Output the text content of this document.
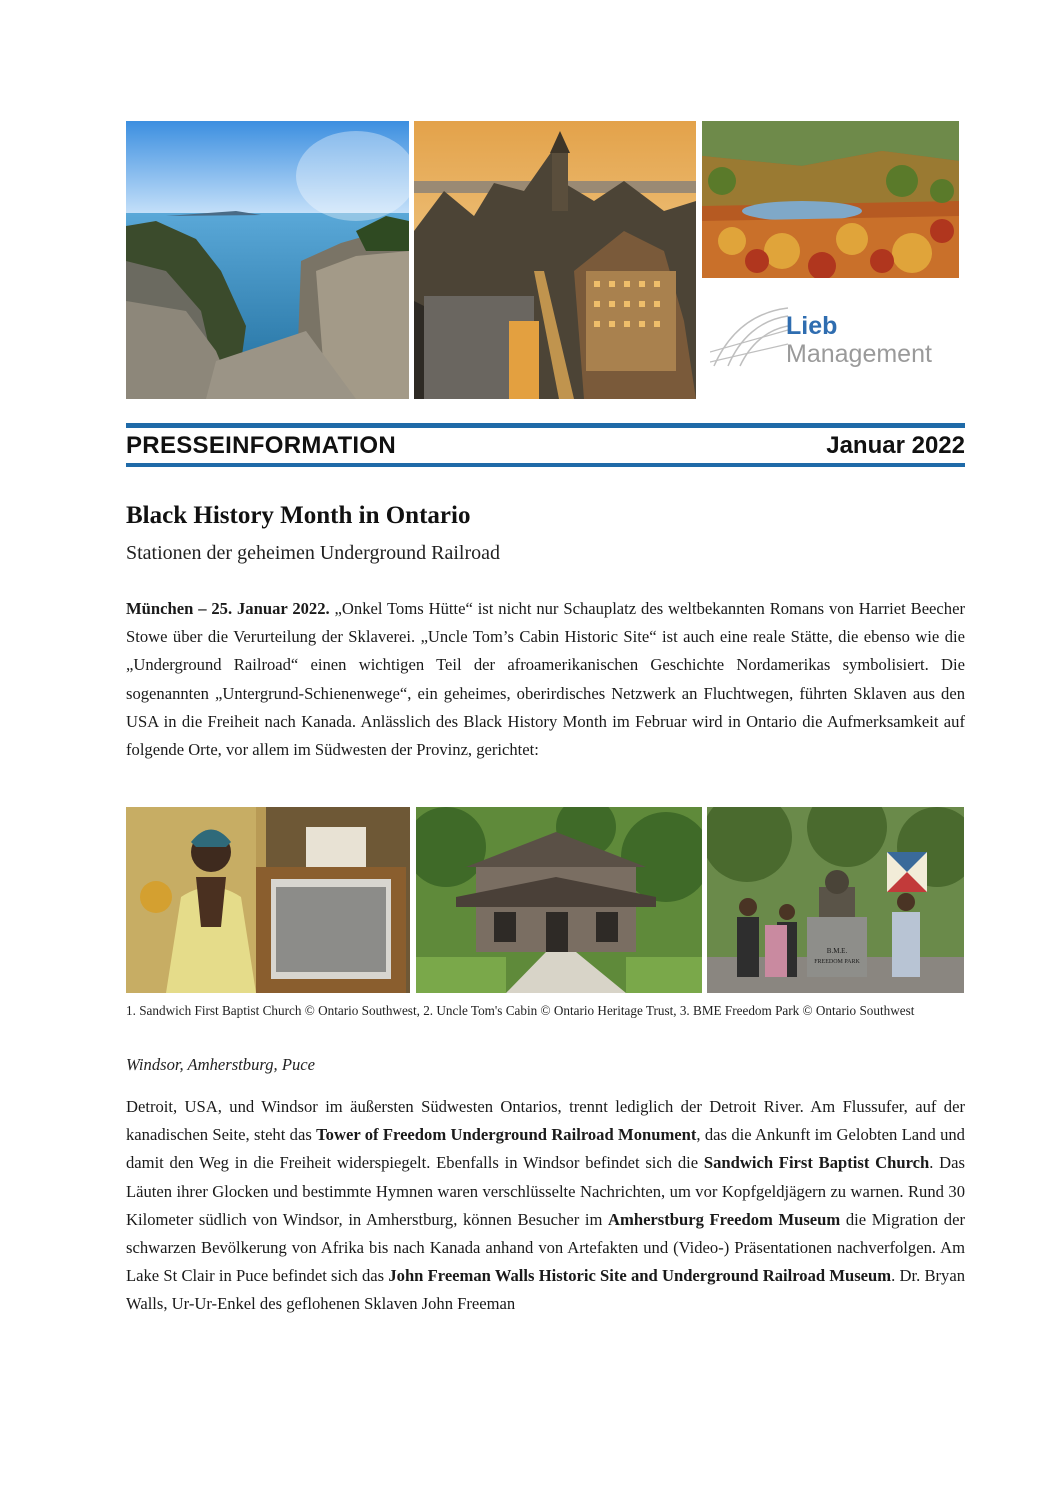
Lieb
Management
PRESSEINFORMATION	Januar 2022
Black History Month in Ontario
Stationen der geheimen Underground Railroad
München – 25. Januar 2022. „Onkel Toms Hütte“ ist nicht nur Schauplatz des weltbekannten Romans von Harriet Beecher Stowe über die Verurteilung der Sklaverei. „Uncle Tom’s Cabin Historic Site“ ist auch eine reale Stätte, die ebenso wie die „Underground Railroad“ einen wichtigen Teil der afroamerikanischen Geschichte Nordamerikas symbolisiert. Die sogenannten „Untergrund-Schienenwege“, ein geheimes, oberirdisches Netzwerk an Fluchtwegen, führten Sklaven aus den USA in die Freiheit nach Kanada. Anlässlich des Black History Month im Februar wird in Ontario die Aufmerksamkeit auf folgende Orte, vor allem im Südwesten der Provinz, gerichtet:
B.M.E.
FREEDOM PARK
1. Sandwich First Baptist Church © Ontario Southwest, 2. Uncle Tom's Cabin © Ontario Heritage Trust, 3. BME Freedom Park © Ontario Southwest
Windsor, Amherstburg, Puce
Detroit, USA, und Windsor im äußersten Südwesten Ontarios, trennt lediglich der Detroit River. Am Flussufer, auf der kanadischen Seite, steht das Tower of Freedom Underground Railroad Monument, das die Ankunft im Gelobten Land und damit den Weg in die Freiheit widerspiegelt. Ebenfalls in Windsor befindet sich die Sandwich First Baptist Church. Das Läuten ihrer Glocken und bestimmte Hymnen waren verschlüsselte Nachrichten, um vor Kopfgeldjägern zu warnen. Rund 30 Kilometer südlich von Windsor, in Amherstburg, können Besucher im Amherstburg Freedom Museum die Migration der schwarzen Bevölkerung von Afrika bis nach Kanada anhand von Artefakten und (Video-) Präsentationen nachverfolgen. Am Lake St Clair in Puce befindet sich das John Freeman Walls Historic Site and Underground Railroad Museum. Dr. Bryan Walls, Ur-Ur-Enkel des geflohenen Sklaven John Freeman
